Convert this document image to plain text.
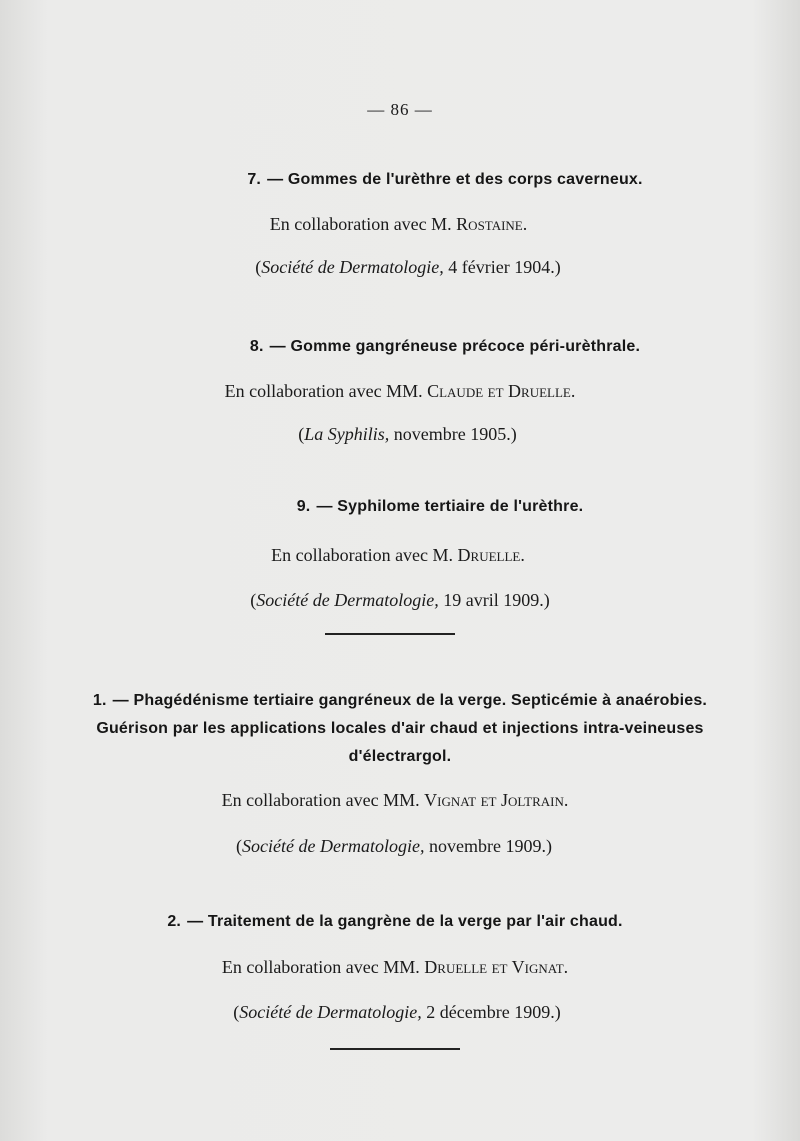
— 86 —
7. — Gommes de l'urèthre et des corps caverneux.
En collaboration avec M. Rostaine.
(Société de Dermatologie, 4 février 1904.)
8. — Gomme gangréneuse précoce péri-urèthrale.
En collaboration avec MM. Claude et Druelle.
(La Syphilis, novembre 1905.)
9. — Syphilome tertiaire de l'urèthre.
En collaboration avec M. Druelle.
(Société de Dermatologie, 19 avril 1909.)
1. — Phagédénisme tertiaire gangréneux de la verge. Septicémie à anaérobies.
Guérison par les applications locales d'air chaud et injections intra-veineuses
d'électrargol.
En collaboration avec MM. Vignat et Joltrain.
(Société de Dermatologie, novembre 1909.)
2. — Traitement de la gangrène de la verge par l'air chaud.
En collaboration avec MM. Druelle et Vignat.
(Société de Dermatologie, 2 décembre 1909.)
